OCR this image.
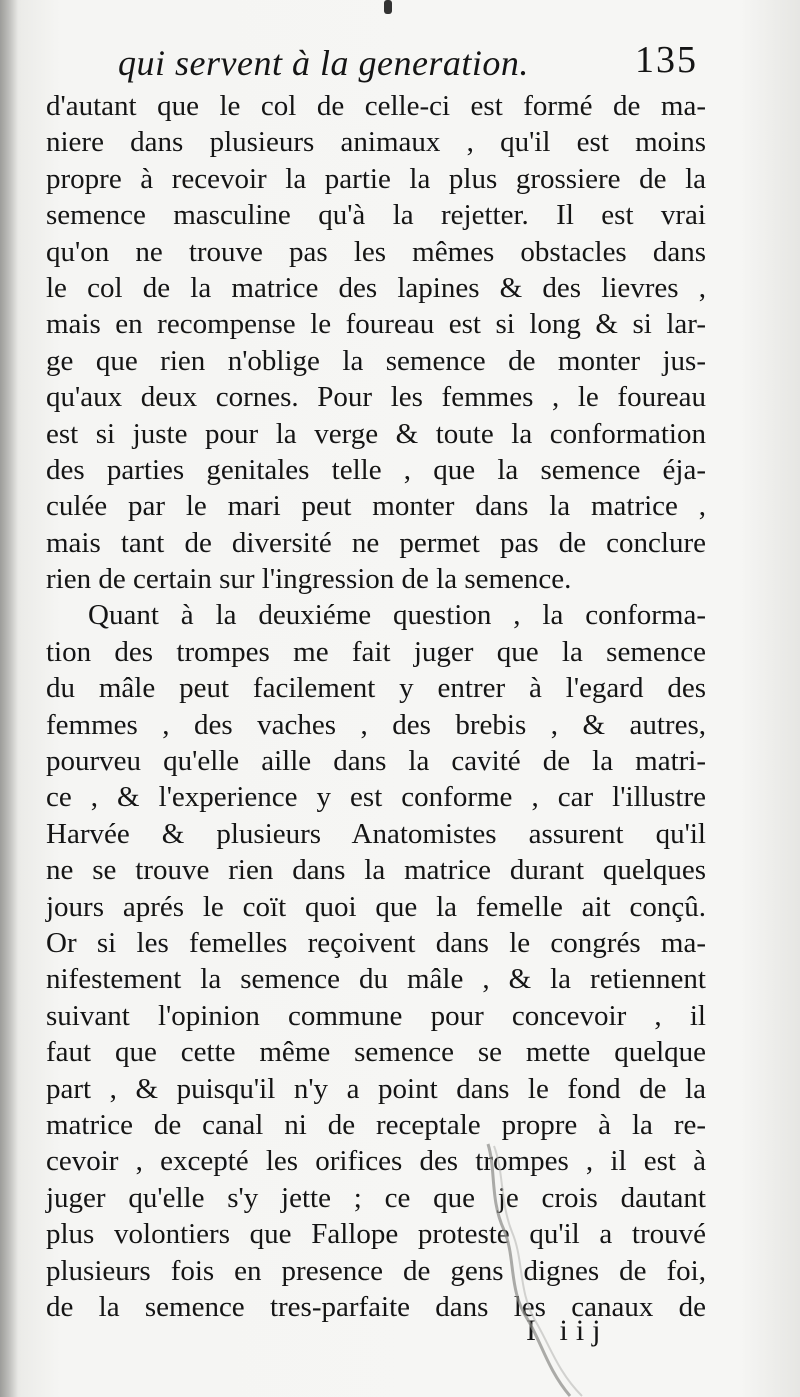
qui servent à la generation.	135
d'autant que le col de celle-ci est formé de ma-
niere dans plusieurs animaux , qu'il est moins
propre à recevoir la partie la plus grossiere de la
semence masculine qu'à la rejetter. Il est vrai
qu'on ne trouve pas les mêmes obstacles dans
le col de la matrice des lapines & des lievres ,
mais en recompense le foureau est si long & si lar-
ge que rien n'oblige la semence de monter jus-
qu'aux deux cornes. Pour les femmes , le foureau
est si juste pour la verge & toute la conformation
des parties genitales telle , que la semence éja-
culée par le mari peut monter dans la matrice ,
mais tant de diversité ne permet pas de conclure
rien de certain sur l'ingression de la semence.
Quant à la deuxiéme question , la conforma-
tion des trompes me fait juger que la semence
du mâle peut facilement y entrer à l'egard des
femmes , des vaches , des brebis , & autres,
pourveu qu'elle aille dans la cavité de la matri-
ce , & l'experience y est conforme , car l'illustre
Harvée & plusieurs Anatomistes assurent qu'il
ne se trouve rien dans la matrice durant quelques
jours aprés le coït quoi que la femelle ait conçû.
Or si les femelles reçoivent dans le congrés ma-
nifestement la semence du mâle , & la retiennent
suivant l'opinion commune pour concevoir , il
faut que cette même semence se mette quelque
part , & puisqu'il n'y a point dans le fond de la
matrice de canal ni de receptale propre à la re-
cevoir , excepté les orifices des trompes , il est à
juger qu'elle s'y jette ; ce que je crois dautant
plus volontiers que Fallope proteste qu'il a trouvé
plusieurs fois en presence de gens dignes de foi,
de la semence tres-parfaite dans les canaux de
I iij
